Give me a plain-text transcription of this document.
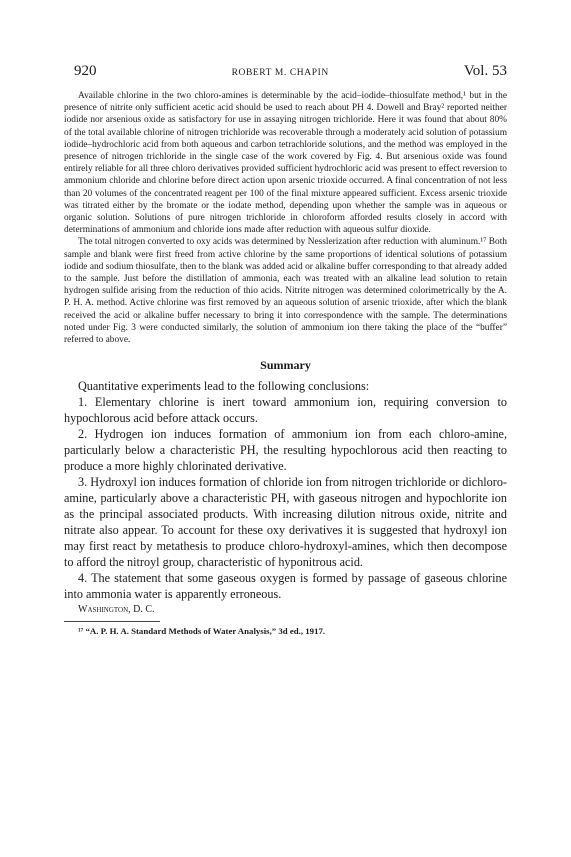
920	ROBERT M. CHAPIN	Vol. 53

Available chlorine in the two chloro-amines is determinable by the acid–iodide–thiosulfate method,¹ but in the presence of nitrite only sufficient acetic acid should be used to reach about PH 4. Dowell and Bray² reported neither iodide nor arsenious oxide as satisfactory for use in assaying nitrogen trichloride. Here it was found that about 80% of the total available chlorine of nitrogen trichloride was recoverable through a moderately acid solution of potassium iodide–hydrochloric acid from both aqueous and carbon tetrachloride solutions, and the method was employed in the presence of nitrogen trichloride in the single case of the work covered by Fig. 4. But arsenious oxide was found entirely reliable for all three chloro derivatives provided sufficient hydrochloric acid was present to effect reversion to ammonium chloride and chlorine before direct action upon arsenic trioxide occurred. A final concentration of not less than 20 volumes of the concentrated reagent per 100 of the final mixture appeared sufficient. Excess arsenic trioxide was titrated either by the bromate or the iodate method, depending upon whether the sample was in aqueous or organic solution. Solutions of pure nitrogen trichloride in chloroform afforded results closely in accord with determinations of ammonium and chloride ions made after reduction with aqueous sulfur dioxide.

The total nitrogen converted to oxy acids was determined by Nesslerization after reduction with aluminum.¹⁷ Both sample and blank were first freed from active chlorine by the same proportions of identical solutions of potassium iodide and sodium thiosulfate, then to the blank was added acid or alkaline buffer corresponding to that already added to the sample. Just before the distillation of ammonia, each was treated with an alkaline lead solution to retain hydrogen sulfide arising from the reduction of thio acids. Nitrite nitrogen was determined colorimetrically by the A. P. H. A. method. Active chlorine was first removed by an aqueous solution of arsenic trioxide, after which the blank received the acid or alkaline buffer necessary to bring it into correspondence with the sample. The determinations noted under Fig. 3 were conducted similarly, the solution of ammonium ion there taking the place of the “buffer” referred to above.

Summary

Quantitative experiments lead to the following conclusions:

1. Elementary chlorine is inert toward ammonium ion, requiring conversion to hypochlorous acid before attack occurs.

2. Hydrogen ion induces formation of ammonium ion from each chloro-amine, particularly below a characteristic PH, the resulting hypochlorous acid then reacting to produce a more highly chlorinated derivative.

3. Hydroxyl ion induces formation of chloride ion from nitrogen trichloride or dichloro-amine, particularly above a characteristic PH, with gaseous nitrogen and hypochlorite ion as the principal associated products. With increasing dilution nitrous oxide, nitrite and nitrate also appear. To account for these oxy derivatives it is suggested that hydroxyl ion may first react by metathesis to produce chloro-hydroxyl-amines, which then decompose to afford the nitroyl group, characteristic of hyponitrous acid.

4. The statement that some gaseous oxygen is formed by passage of gaseous chlorine into ammonia water is apparently erroneous.

Washington, D. C.
¹⁷ “A. P. H. A. Standard Methods of Water Analysis,” 3d ed., 1917.
